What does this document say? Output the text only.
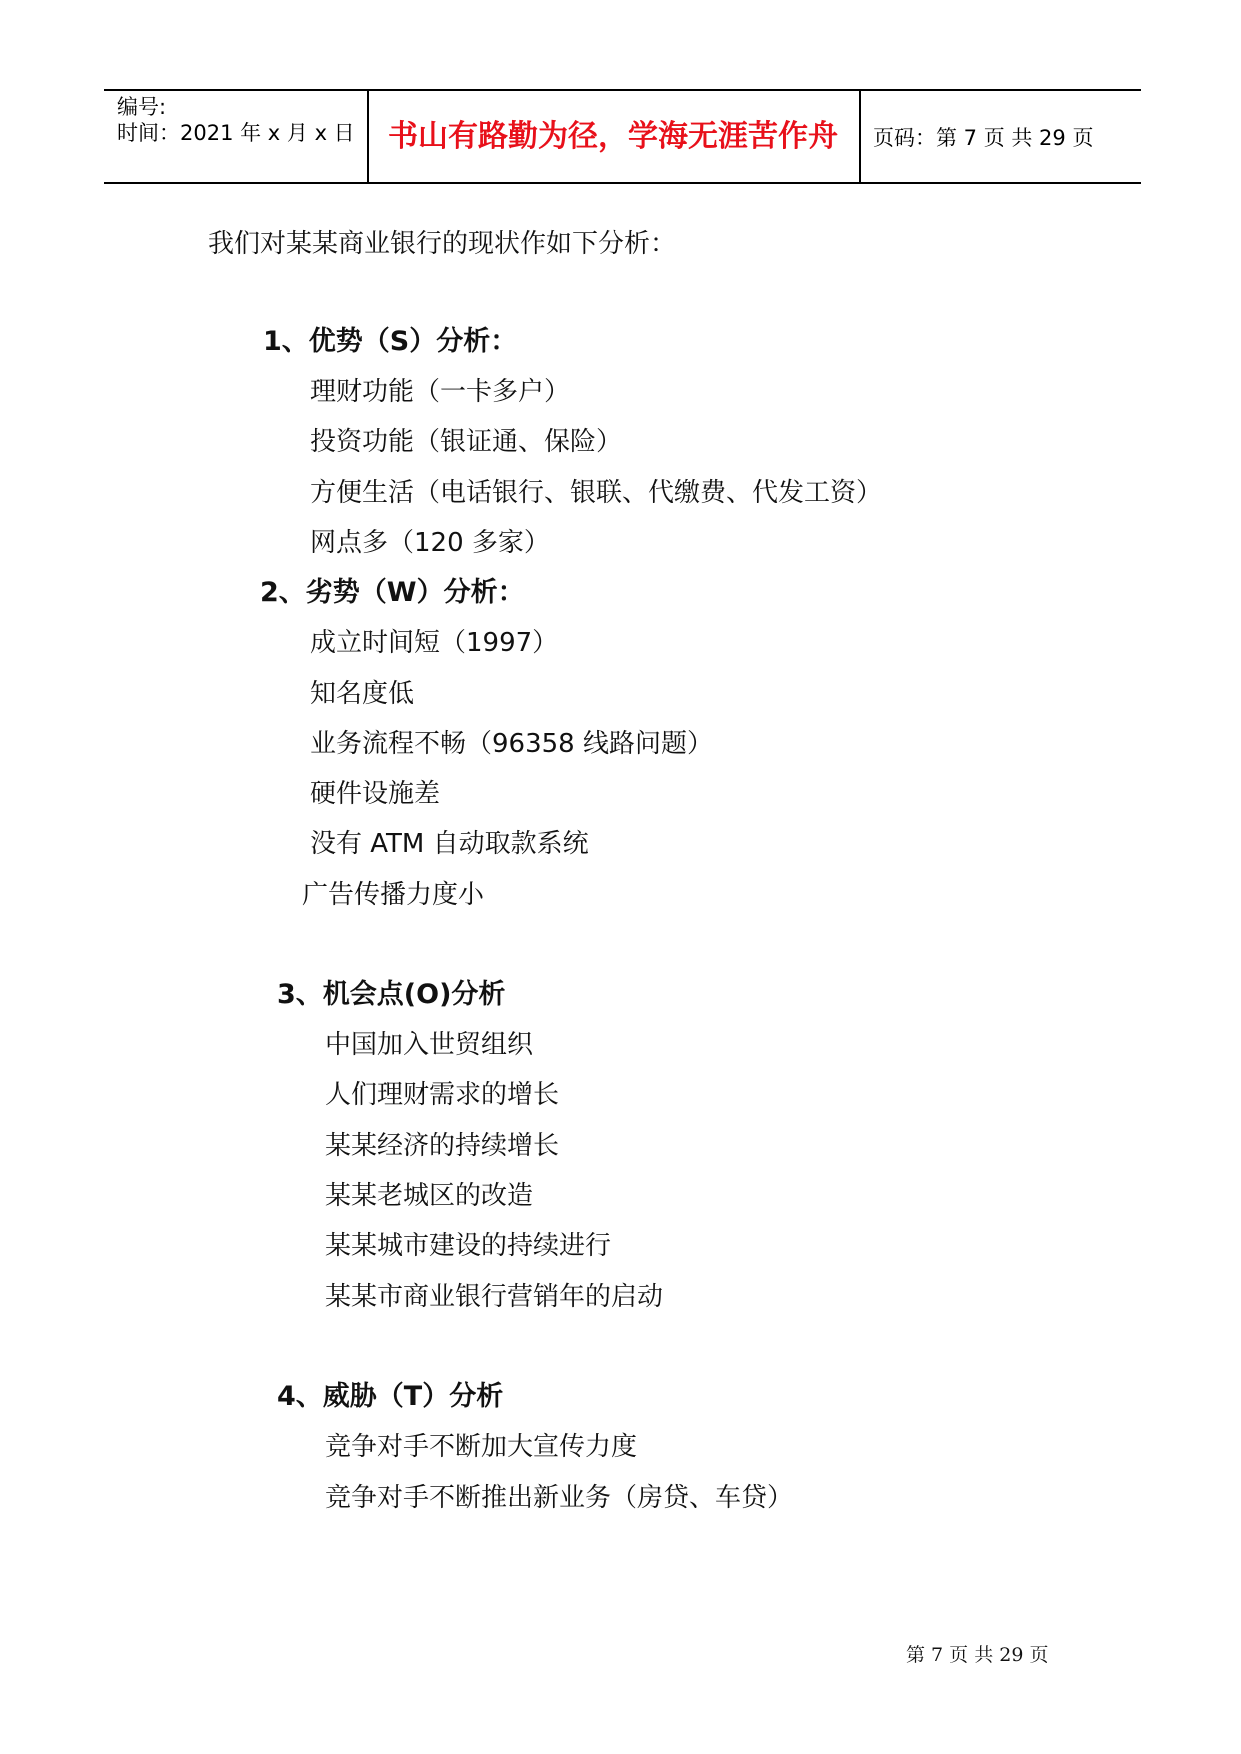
编号:
时间：2021 年 x 月 x 日	书山有路勤为径，学海无涯苦作舟	页码：第 7 页 共 29 页
我们对某某商业银行的现状作如下分析：
1、优势（S）分析：
理财功能（一卡多户）
投资功能（银证通、保险）
方便生活（电话银行、银联、代缴费、代发工资）
网点多（120 多家）
2、劣势（W）分析：
成立时间短（1997）
知名度低
业务流程不畅（96358 线路问题）
硬件设施差
没有 ATM 自动取款系统
广告传播力度小
3、机会点(O)分析
中国加入世贸组织
人们理财需求的增长
某某经济的持续增长
某某老城区的改造
某某城市建设的持续进行
某某市商业银行营销年的启动
4、威胁（T）分析
竞争对手不断加大宣传力度
竞争对手不断推出新业务（房贷、车贷）
第 7 页 共 29 页
